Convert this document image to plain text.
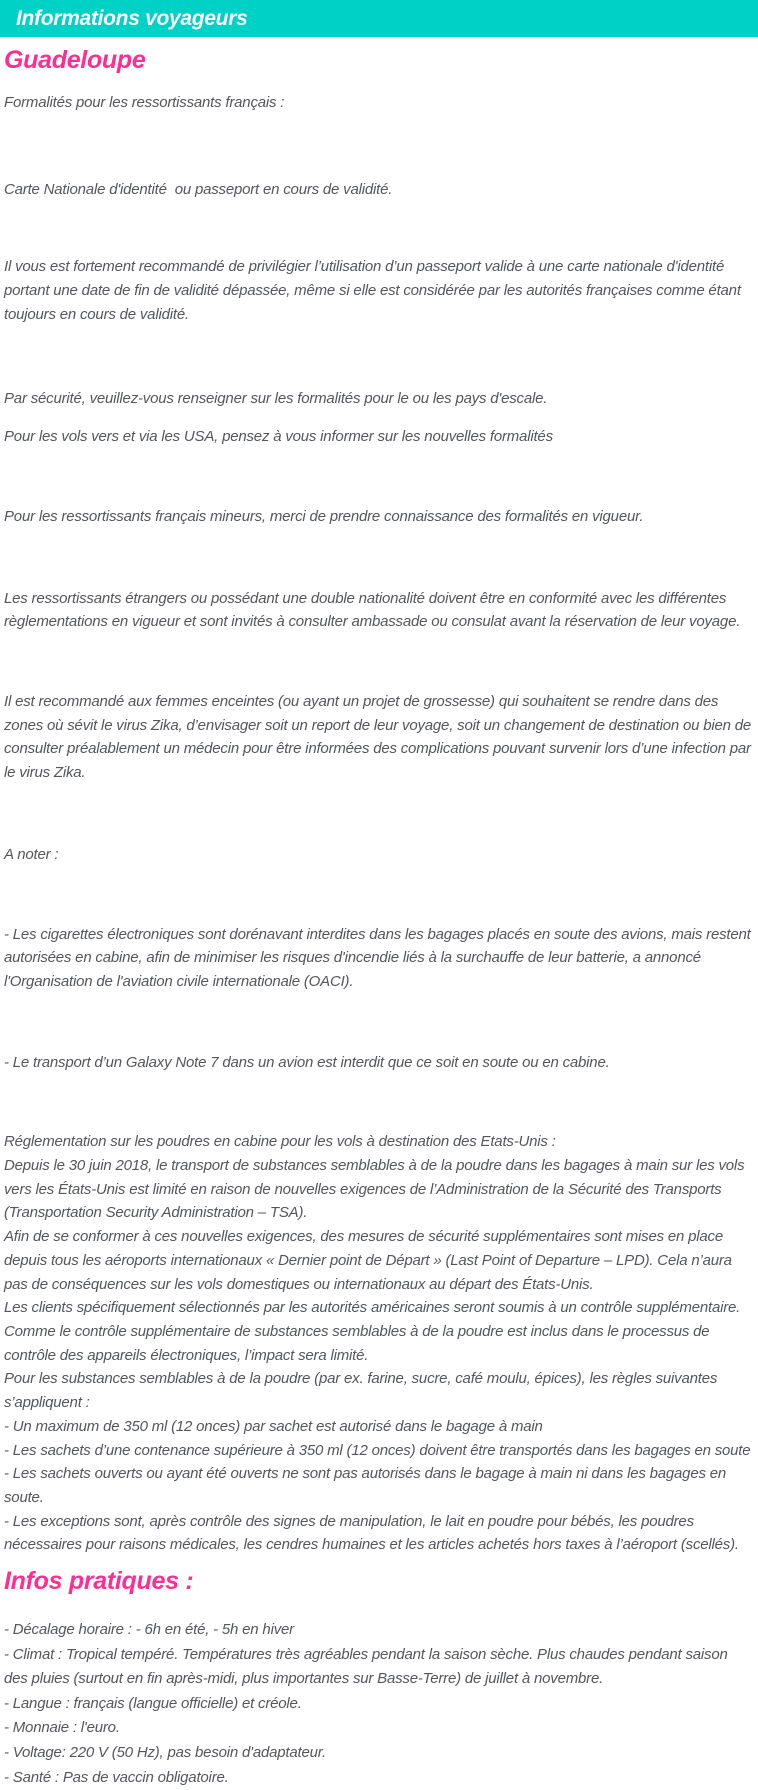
Informations voyageurs
Guadeloupe

Formalités pour les ressortissants français :

Carte Nationale d'identité  ou passeport en cours de validité.

Il vous est fortement recommandé de privilégier l’utilisation d’un passeport valide à une carte nationale d'identité portant une date de fin de validité dépassée, même si elle est considérée par les autorités françaises comme étant toujours en cours de validité.

Par sécurité, veuillez-vous renseigner sur les formalités pour le ou les pays d'escale.

Pour les vols vers et via les USA, pensez à vous informer sur les nouvelles formalités

Pour les ressortissants français mineurs, merci de prendre connaissance des formalités en vigueur.

Les ressortissants étrangers ou possédant une double nationalité doivent être en conformité avec les différentes règlementations en vigueur et sont invités à consulter ambassade ou consulat avant la réservation de leur voyage.

Il est recommandé aux femmes enceintes (ou ayant un projet de grossesse) qui souhaitent se rendre dans des zones où sévit le virus Zika, d’envisager soit un report de leur voyage, soit un changement de destination ou bien de consulter préalablement un médecin pour être informées des complications pouvant survenir lors d’une infection par le virus Zika.

A noter :

- Les cigarettes électroniques sont dorénavant interdites dans les bagages placés en soute des avions, mais restent autorisées en cabine, afin de minimiser les risques d'incendie liés à la surchauffe de leur batterie, a annoncé l'Organisation de l'aviation civile internationale (OACI).

- Le transport d’un Galaxy Note 7 dans un avion est interdit que ce soit en soute ou en cabine.

Réglementation sur les poudres en cabine pour les vols à destination des Etats-Unis :
Depuis le 30 juin 2018, le transport de substances semblables à de la poudre dans les bagages à main sur les vols vers les États-Unis est limité en raison de nouvelles exigences de l’Administration de la Sécurité des Transports (Transportation Security Administration – TSA).
Afin de se conformer à ces nouvelles exigences, des mesures de sécurité supplémentaires sont mises en place depuis tous les aéroports internationaux « Dernier point de Départ » (Last Point of Departure – LPD). Cela n’aura pas de conséquences sur les vols domestiques ou internationaux au départ des États-Unis.
Les clients spécifiquement sélectionnés par les autorités américaines seront soumis à un contrôle supplémentaire.
Comme le contrôle supplémentaire de substances semblables à de la poudre est inclus dans le processus de contrôle des appareils électroniques, l’impact sera limité.
Pour les substances semblables à de la poudre (par ex. farine, sucre, café moulu, épices), les règles suivantes s’appliquent :
- Un maximum de 350 ml (12 onces) par sachet est autorisé dans le bagage à main
- Les sachets d’une contenance supérieure à 350 ml (12 onces) doivent être transportés dans les bagages en soute
- Les sachets ouverts ou ayant été ouverts ne sont pas autorisés dans le bagage à main ni dans les bagages en soute.
- Les exceptions sont, après contrôle des signes de manipulation, le lait en poudre pour bébés, les poudres nécessaires pour raisons médicales, les cendres humaines et les articles achetés hors taxes à l’aéroport (scellés).
Infos pratiques :
- Décalage horaire : - 6h en été, - 5h en hiver
- Climat : Tropical tempéré. Températures très agréables pendant la saison sèche. Plus chaudes pendant saison des pluies (surtout en fin après-midi, plus importantes sur Basse-Terre) de juillet à novembre.
- Langue : français (langue officielle) et créole.
- Monnaie : l'euro.
- Voltage: 220 V (50 Hz), pas besoin d'adaptateur.
- Santé : Pas de vaccin obligatoire.
